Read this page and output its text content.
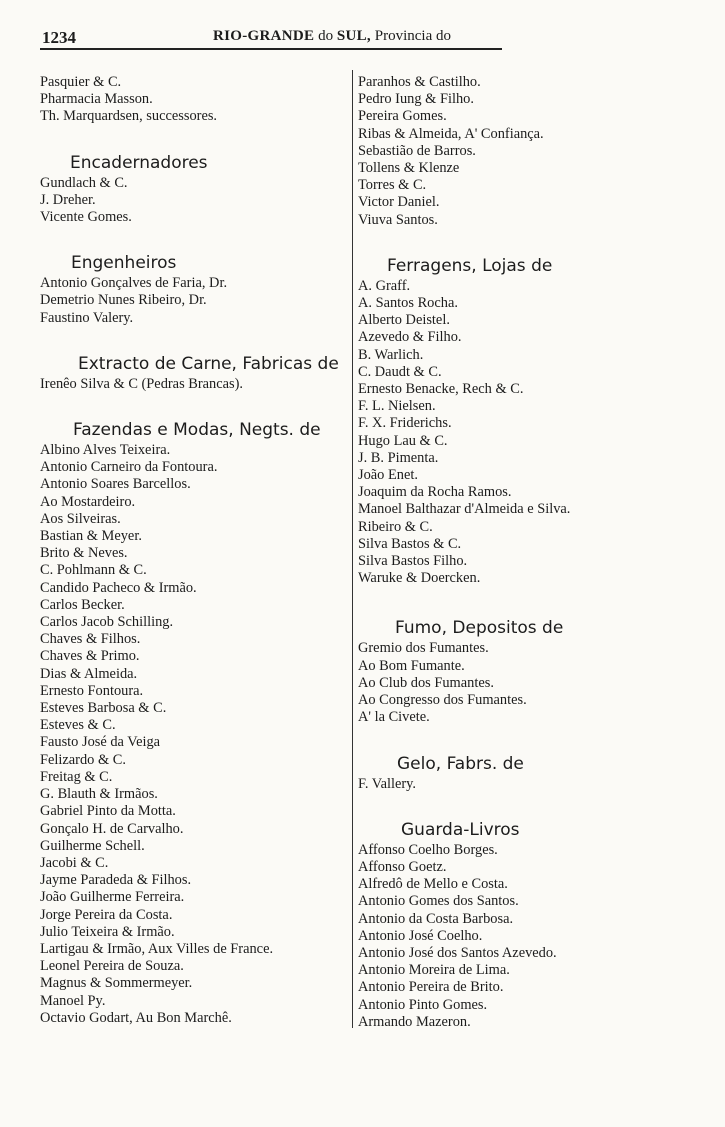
1234	RIO-GRANDE do SUL, Provincia do
Pasquier & C.
Pharmacia Masson.
Th. Marquardsen, successores.
Encadernadores
Gundlach & C.
J. Dreher.
Vicente Gomes.
Engenheiros
Antonio Gonçalves de Faria, Dr.
Demetrio Nunes Ribeiro, Dr.
Faustino Valery.
Extracto de Carne, Fabricas de
Irenêo Silva & C (Pedras Brancas).
Fazendas e Modas, Negts. de
Albino Alves Teixeira.
Antonio Carneiro da Fontoura.
Antonio Soares Barcellos.
Ao Mostardeiro.
Aos Silveiras.
Bastian & Meyer.
Brito & Neves.
C. Pohlmann & C.
Candido Pacheco & Irmão.
Carlos Becker.
Carlos Jacob Schilling.
Chaves & Filhos.
Chaves & Primo.
Dias & Almeida.
Ernesto Fontoura.
Esteves Barbosa & C.
Esteves & C.
Fausto José da Veiga
Felizardo & C.
Freitag & C.
G. Blauth & Irmãos.
Gabriel Pinto da Motta.
Gonçalo H. de Carvalho.
Guilherme Schell.
Jacobi & C.
Jayme Paradeda & Filhos.
João Guilherme Ferreira.
Jorge Pereira da Costa.
Julio Teixeira & Irmão.
Lartigau & Irmão, Aux Villes de France.
Leonel Pereira de Souza.
Magnus & Sommermeyer.
Manoel Py.
Octavio Godart, Au Bon Marchê.
Paranhos & Castilho.
Pedro Iung & Filho.
Pereira Gomes.
Ribas & Almeida, A' Confiança.
Sebastião de Barros.
Tollens & Klenze
Torres & C.
Victor Daniel.
Viuva Santos.
Ferragens, Lojas de
A. Graff.
A. Santos Rocha.
Alberto Deistel.
Azevedo & Filho.
B. Warlich.
C. Daudt & C.
Ernesto Benacke, Rech & C.
F. L. Nielsen.
F. X. Friderichs.
Hugo Lau & C.
J. B. Pimenta.
João Enet.
Joaquim da Rocha Ramos.
Manoel Balthazar d'Almeida e Silva.
Ribeiro & C.
Silva Bastos & C.
Silva Bastos Filho.
Waruke & Doercken.
Fumo, Depositos de
Gremio dos Fumantes.
Ao Bom Fumante.
Ao Club dos Fumantes.
Ao Congresso dos Fumantes.
A' la Civete.
Gelo, Fabrs. de
F. Vallery.
Guarda-Livros
Affonso Coelho Borges.
Affonso Goetz.
Alfredô de Mello e Costa.
Antonio Gomes dos Santos.
Antonio da Costa Barbosa.
Antonio José Coelho.
Antonio José dos Santos Azevedo.
Antonio Moreira de Lima.
Antonio Pereira de Brito.
Antonio Pinto Gomes.
Armando Mazeron.
